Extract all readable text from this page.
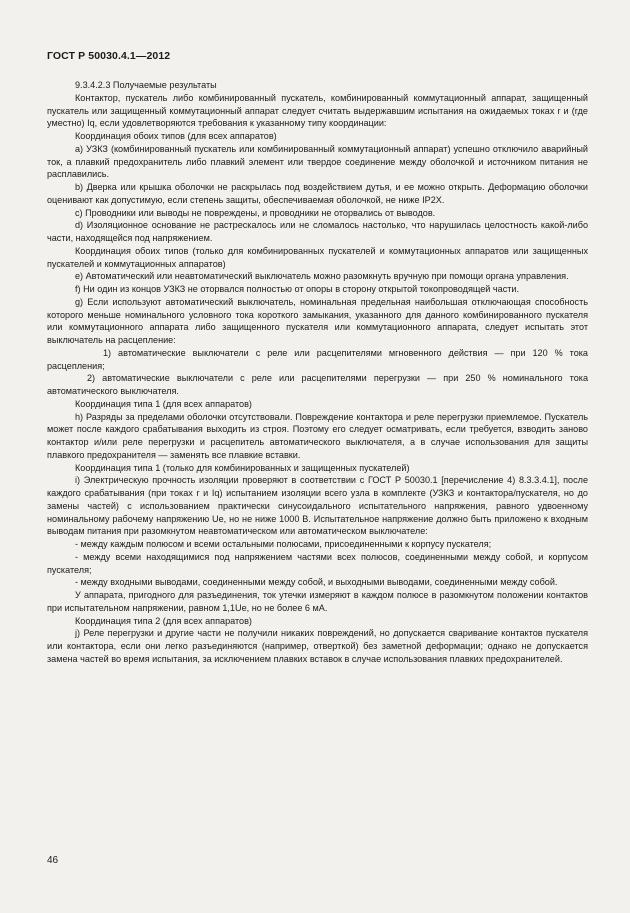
ГОСТ Р 50030.4.1—2012

9.3.4.2.3 Получаемые результаты

Контактор, пускатель либо комбинированный пускатель, комбинированный коммутационный аппарат, защищенный пускатель или защищенный коммутационный аппарат следует считать выдержавшим испытания на ожидаемых токах r и (где уместно) Iq, если удовлетворяются требования к указанному типу координации:

Координация обоих типов (для всех аппаратов)

a) УЗКЗ (комбинированный пускатель или комбинированный коммутационный аппарат) успешно отключило аварийный ток, а плавкий предохранитель либо плавкий элемент или твердое соединение между оболочкой и источником питания не расплавились.

b) Дверка или крышка оболочки не раскрылась под воздействием дутья, и ее можно открыть. Деформацию оболочки оценивают как допустимую, если степень защиты, обеспечиваемая оболочкой, не ниже IP2X.

c) Проводники или выводы не повреждены, и проводники не оторвались от выводов.

d) Изоляционное основание не растрескалось или не сломалось настолько, что нарушилась целостность какой-либо части, находящейся под напряжением.

Координация обоих типов (только для комбинированных пускателей и коммутационных аппаратов или защищенных пускателей и коммутационных аппаратов)

e) Автоматический или неавтоматический выключатель можно разомкнуть вручную при помощи органа управления.

f) Ни один из концов УЗКЗ не оторвался полностью от опоры в сторону открытой токопроводящей части.

g) Если используют автоматический выключатель, номинальная предельная наибольшая отключающая способность которого меньше номинального условного тока короткого замыкания, указанного для данного комбинированного пускателя или коммутационного аппарата либо защищенного пускателя или коммутационного аппарата, следует испытать этот выключатель на расцепление:

1) автоматические выключатели с реле или расцепителями мгновенного действия — при 120 % тока расцепления;

2) автоматические выключатели с реле или расцепителями перегрузки — при 250 % номинального тока автоматического выключателя.

Координация типа 1 (для всех аппаратов)

h) Разряды за пределами оболочки отсутствовали. Повреждение контактора и реле перегрузки приемлемое. Пускатель может после каждого срабатывания выходить из строя. Поэтому его следует осматривать, если требуется, взводить заново контактор и/или реле перегрузки и расцепитель автоматического выключателя, а в случае использования для защиты плавкого предохранителя — заменять все плавкие вставки.

Координация типа 1 (только для комбинированных и защищенных пускателей)

i) Электрическую прочность изоляции проверяют в соответствии с ГОСТ Р 50030.1 [перечисление 4) 8.3.3.4.1], после каждого срабатывания (при токах r и Iq) испытанием изоляции всего узла в комплекте (УЗКЗ и контактора/пускателя, но до замены частей) с использованием практически синусоидального испытательного напряжения, равного удвоенному номинальному рабочему напряжению Ue, но не ниже 1000 В. Испытательное напряжение должно быть приложено к входным выводам питания при разомкнутом неавтоматическом или автоматическом выключателе:

- между каждым полюсом и всеми остальными полюсами, присоединенными к корпусу пускателя;

- между всеми находящимися под напряжением частями всех полюсов, соединенными между собой, и корпусом пускателя;

- между входными выводами, соединенными между собой, и выходными выводами, соединенными между собой.

У аппарата, пригодного для разъединения, ток утечки измеряют в каждом полюсе в разомкнутом положении контактов при испытательном напряжении, равном 1,1Ue, но не более 6 мА.

Координация типа 2 (для всех аппаратов)

j) Реле перегрузки и другие части не получили никаких повреждений, но допускается сваривание контактов пускателя или контактора, если они легко разъединяются (например, отверткой) без заметной деформации; однако не допускается замена частей во время испытания, за исключением плавких вставок в случае использования плавких предохранителей.

46
